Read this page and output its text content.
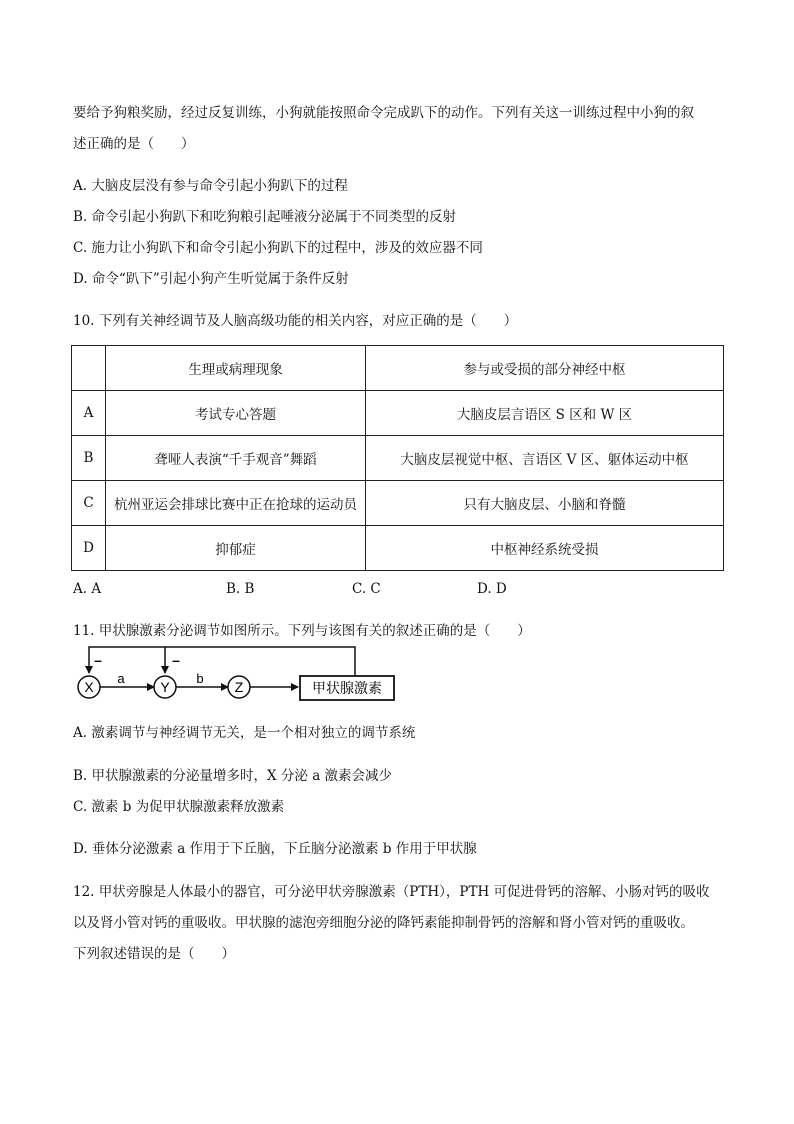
要给予狗粮奖励，经过反复训练，小狗就能按照命令完成趴下的动作。下列有关这一训练过程中小狗的叙
述正确的是（　　）
A. 大脑皮层没有参与命令引起小狗趴下的过程
B. 命令引起小狗趴下和吃狗粮引起唾液分泌属于不同类型的反射
C. 施力让小狗趴下和命令引起小狗趴下的过程中，涉及的效应器不同
D. 命令“趴下”引起小狗产生听觉属于条件反射
10. 下列有关神经调节及人脑高级功能的相关内容，对应正确的是（　　）
	生理或病理现象	参与或受损的部分神经中枢
A	考试专心答题	大脑皮层言语区 S 区和 W 区
B	聋哑人表演“千手观音”舞蹈	大脑皮层视觉中枢、言语区 V 区、躯体运动中枢
C	杭州亚运会排球比赛中正在抢球的运动员	只有大脑皮层、小脑和脊髓
D	抑郁症	中枢神经系统受损
A. A	B. B	C. C	D. D
11. 甲状腺激素分泌调节如图所示。下列与该图有关的叙述正确的是（　　）
X	Y	Z
a	b
–	–
甲状腺激素
A. 激素调节与神经调节无关，是一个相对独立的调节系统
B. 甲状腺激素的分泌量增多时，X 分泌 a 激素会减少
C. 激素 b 为促甲状腺激素释放激素
D. 垂体分泌激素 a 作用于下丘脑，下丘脑分泌激素 b 作用于甲状腺
12. 甲状旁腺是人体最小的器官，可分泌甲状旁腺激素（PTH），PTH 可促进骨钙的溶解、小肠对钙的吸收
以及肾小管对钙的重吸收。甲状腺的滤泡旁细胞分泌的降钙素能抑制骨钙的溶解和肾小管对钙的重吸收。
下列叙述错误的是（　　）
